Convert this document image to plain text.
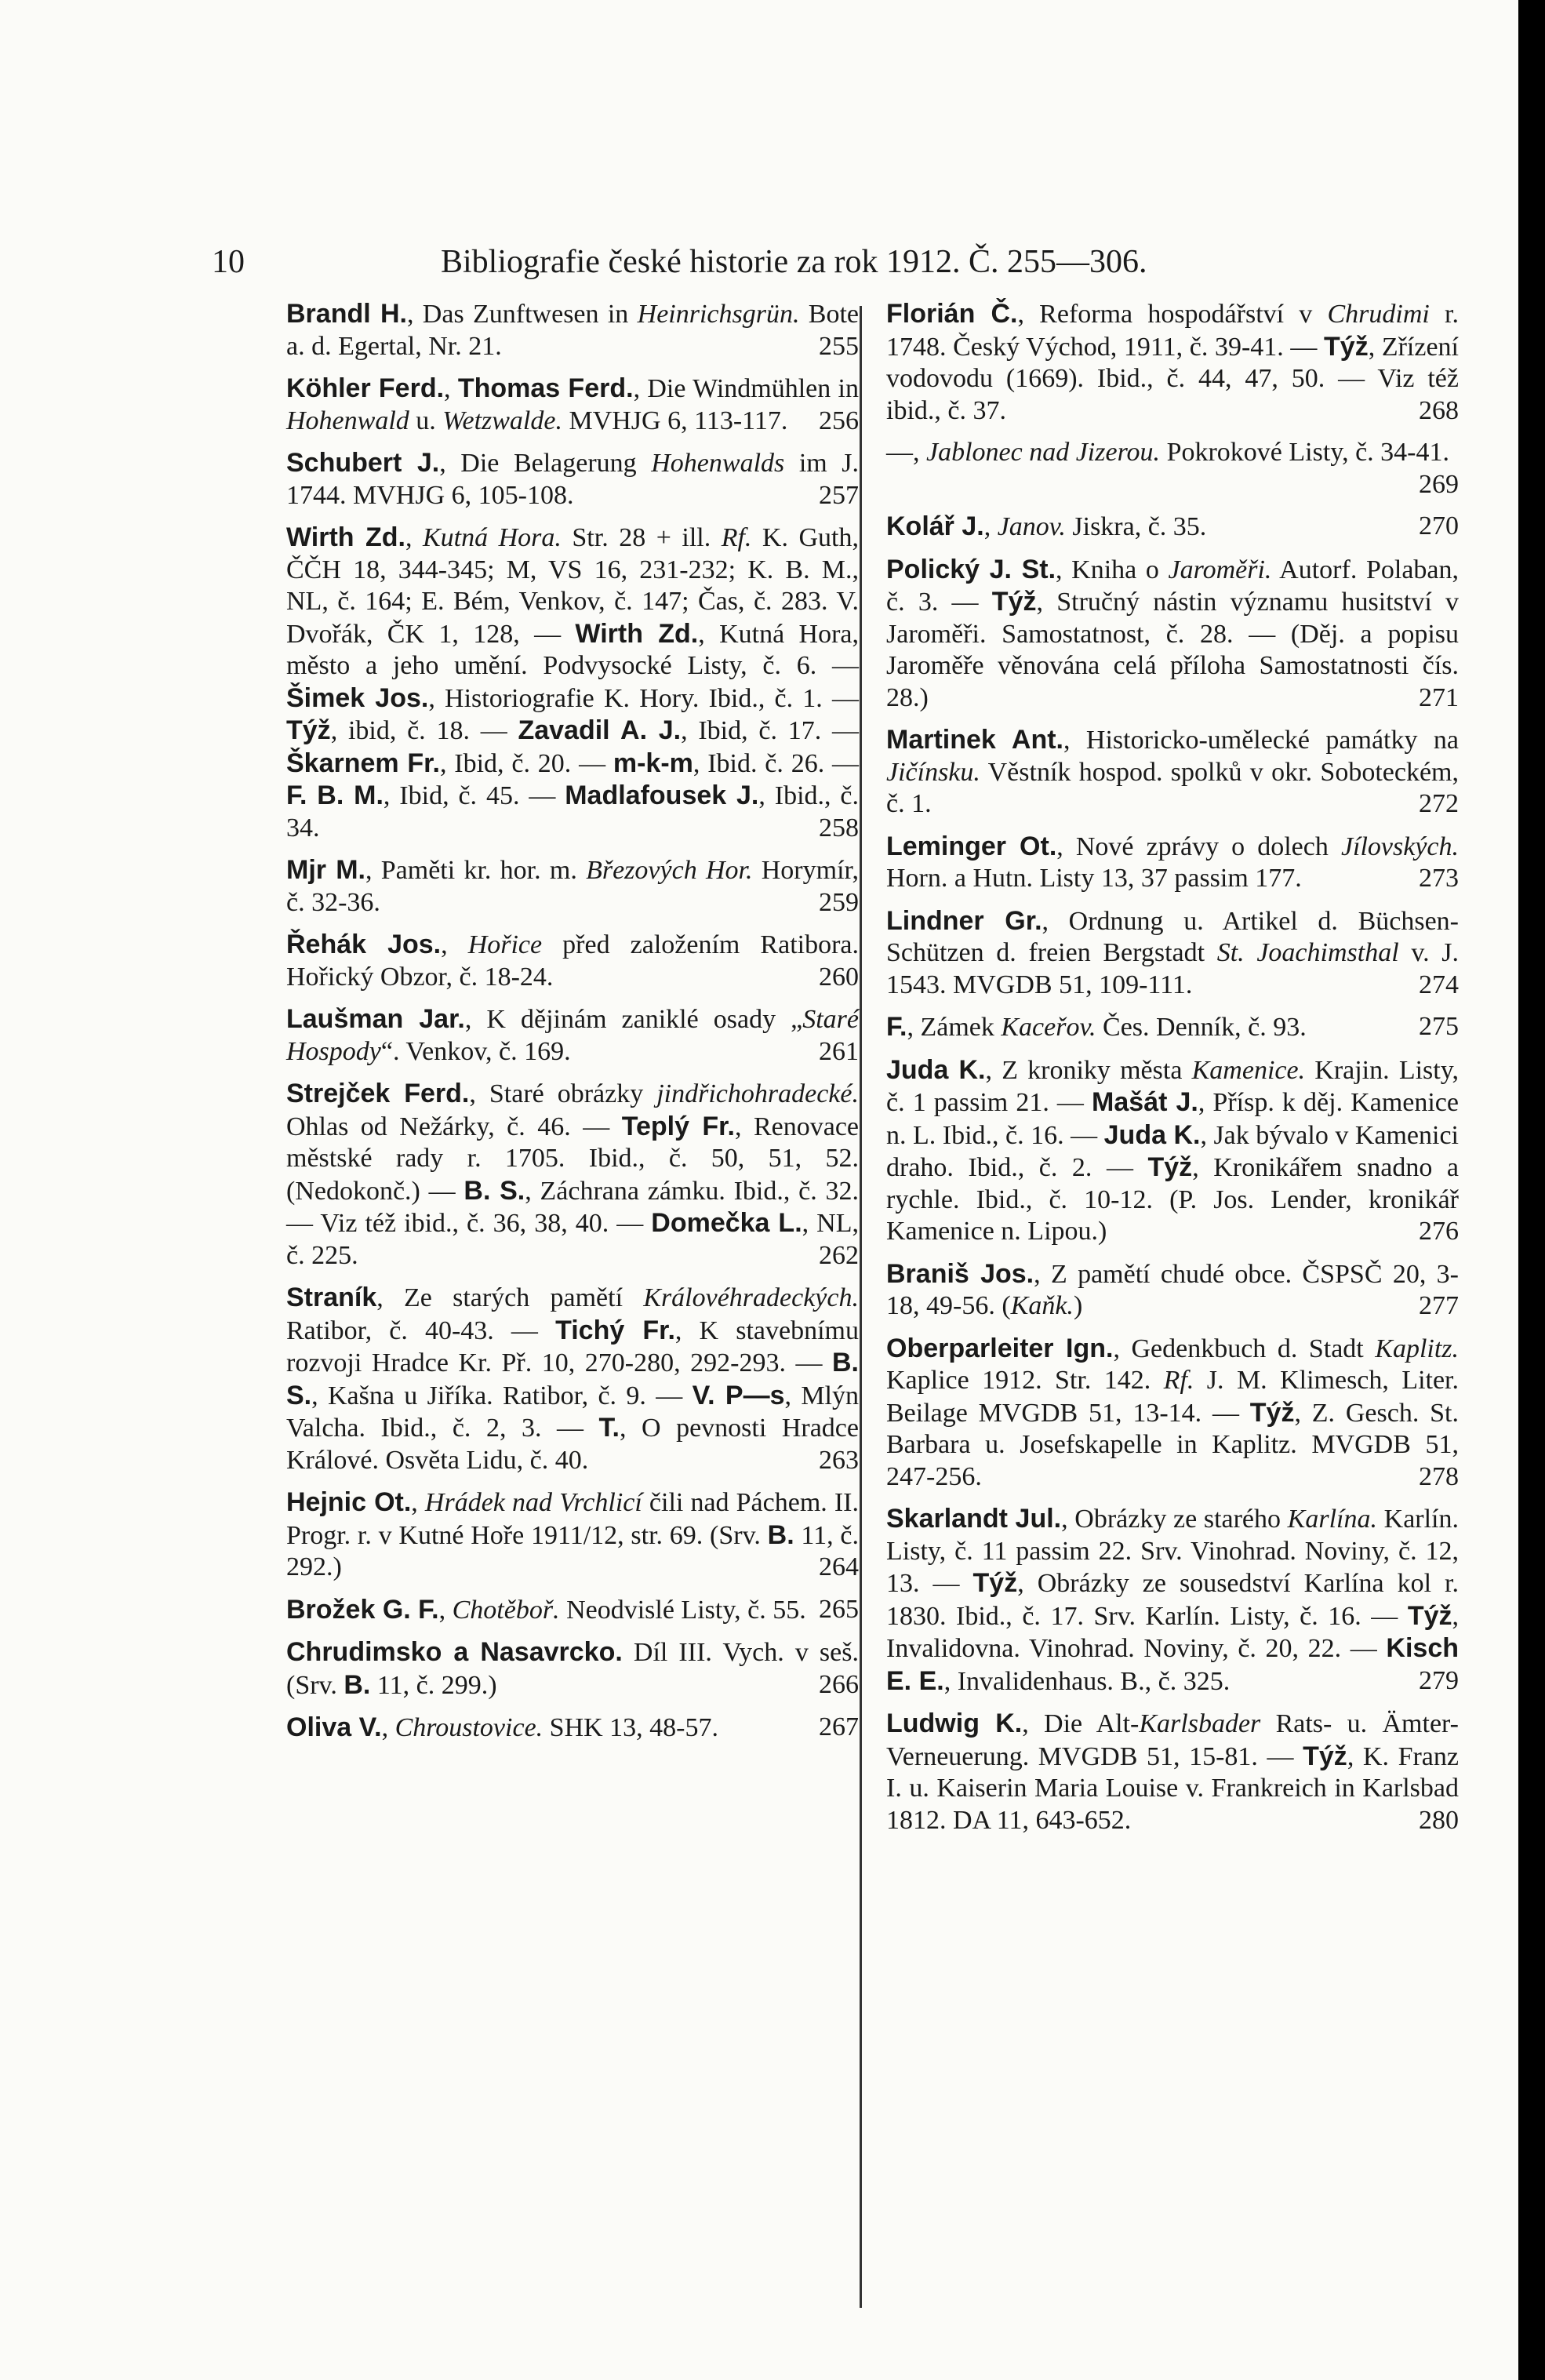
10	Bibliografie české historie za rok 1912. Č. 255—306.
Brandl H., Das Zunftwesen in Heinrichsgrün. Bote a. d. Egertal, Nr. 21.	255
Köhler Ferd., Thomas Ferd., Die Windmühlen in Hohenwald u. Wetzwalde. MVHJG 6, 113-117. 256
Schubert J., Die Belagerung Hohenwalds im J. 1744. MVHJG 6, 105-108.	257
Wirth Zd., Kutná Hora. Str. 28 + ill. Rf. K. Guth, ČČH 18, 344-345; M, VS 16, 231-232; K. B. M., NL, č. 164; E. Bém, Venkov, č. 147; Čas, č. 283. V. Dvořák, ČK 1, 128, — Wirth Zd., Kutná Hora, město a jeho umění. Podvysocké Listy, č. 6. — Šimek Jos., Historiografie K. Hory. Ibid., č. 1. — Týž, ibid, č. 18. — Zavadil A. J., Ibid, č. 17. — Škarnem Fr., Ibid, č. 20. — m-k-m, Ibid. č. 26. — F. B. M., Ibid, č. 45. — Madlafousek J., Ibid., č. 34.	258
Mjr M., Paměti kr. hor. m. Březových Hor. Horymír, č. 32-36.	259
Řehák Jos., Hořice před založením Ratibora. Hořický Obzor, č. 18-24.	260
Laušman Jar., K dějinám zaniklé osady „Staré Hospody“. Venkov, č. 169.	261
Strejček Ferd., Staré obrázky jindřichohradecké. Ohlas od Nežárky, č. 46. — Teplý Fr., Renovace městské rady r. 1705. Ibid., č. 50, 51, 52. (Nedokonč.) — B. S., Záchrana zámku. Ibid., č. 32. — Viz též ibid., č. 36, 38, 40. — Domečka L., NL, č. 225.	262
Straník, Ze starých pamětí Královéhradeckých. Ratibor, č. 40-43. — Tichý Fr., K stavebnímu rozvoji Hradce Kr. Př. 10, 270-280, 292-293. — B. S., Kašna u Jiříka. Ratibor, č. 9. — V. P—s, Mlýn Valcha. Ibid., č. 2, 3. — T., O pevnosti Hradce Králové. Osvěta Lidu, č. 40.	263
Hejnic Ot., Hrádek nad Vrchlicí čili nad Páchem. II. Progr. r. v Kutné Hoře 1911/12, str. 69. (Srv. B. 11, č. 292.)	264
Brožek G. F., Chotěboř. Neodvislé Listy, č. 55. 265
Chrudimsko a Nasavrcko. Díl III. Vych. v seš. (Srv. B. 11, č. 299.)	266
Oliva V., Chroustovice. SHK 13, 48-57.	267
Florián Č., Reforma hospodářství v Chrudimi r. 1748. Český Východ, 1911, č. 39-41. — Týž, Zřízení vodovodu (1669). Ibid., č. 44, 47, 50. — Viz též ibid., č. 37.	268
—, Jablonec nad Jizerou. Pokrokové Listy, č. 34-41.
269
Kolář J., Janov. Jiskra, č. 35.	270
Polický J. St., Kniha o Jaroměři. Autorf. Polaban, č. 3. — Týž, Stručný nástin významu husitství v Jaroměři. Samostatnost, č. 28. — (Děj. a popisu Jaroměře věnována celá příloha Samostatnosti čís. 28.)	271
Martinek Ant., Historicko-umělecké památky na Jičínsku. Věstník hospod. spolků v okr. Soboteckém, č. 1.	272
Leminger Ot., Nové zprávy o dolech Jílovských. Horn. a Hutn. Listy 13, 37 passim 177.	273
Lindner Gr., Ordnung u. Artikel d. Büchsen-Schützen d. freien Bergstadt St. Joachimsthal v. J. 1543. MVGDB 51, 109-111.	274
F., Zámek Kaceřov. Čes. Denník, č. 93.	275
Juda K., Z kroniky města Kamenice. Krajin. Listy, č. 1 passim 21. — Mašát J., Přísp. k děj. Kamenice n. L. Ibid., č. 16. — Juda K., Jak bývalo v Kamenici draho. Ibid., č. 2. — Týž, Kronikářem snadno a rychle. Ibid., č. 10-12. (P. Jos. Lender, kronikář Kamenice n. Lipou.)	276
Braniš Jos., Z pamětí chudé obce. ČSPSČ 20, 3-18, 49-56. (Kaňk.)	277
Oberparleiter Ign., Gedenkbuch d. Stadt Kaplitz. Kaplice 1912. Str. 142. Rf. J. M. Klimesch, Liter. Beilage MVGDB 51, 13-14. — Týž, Z. Gesch. St. Barbara u. Josefskapelle in Kaplitz. MVGDB 51, 247-256.	278
Skarlandt Jul., Obrázky ze starého Karlína. Karlín. Listy, č. 11 passim 22. Srv. Vinohrad. Noviny, č. 12, 13. — Týž, Obrázky ze sousedství Karlína kol r. 1830. Ibid., č. 17. Srv. Karlín. Listy, č. 16. — Týž, Invalidovna. Vinohrad. Noviny, č. 20, 22. — Kisch E. E., Invalidenhaus. B., č. 325.	279
Ludwig K., Die Alt-Karlsbader Rats- u. Ämter-Verneuerung. MVGDB 51, 15-81. — Týž, K. Franz I. u. Kaiserin Maria Louise v. Frankreich in Karlsbad 1812. DA 11, 643-652.	280
